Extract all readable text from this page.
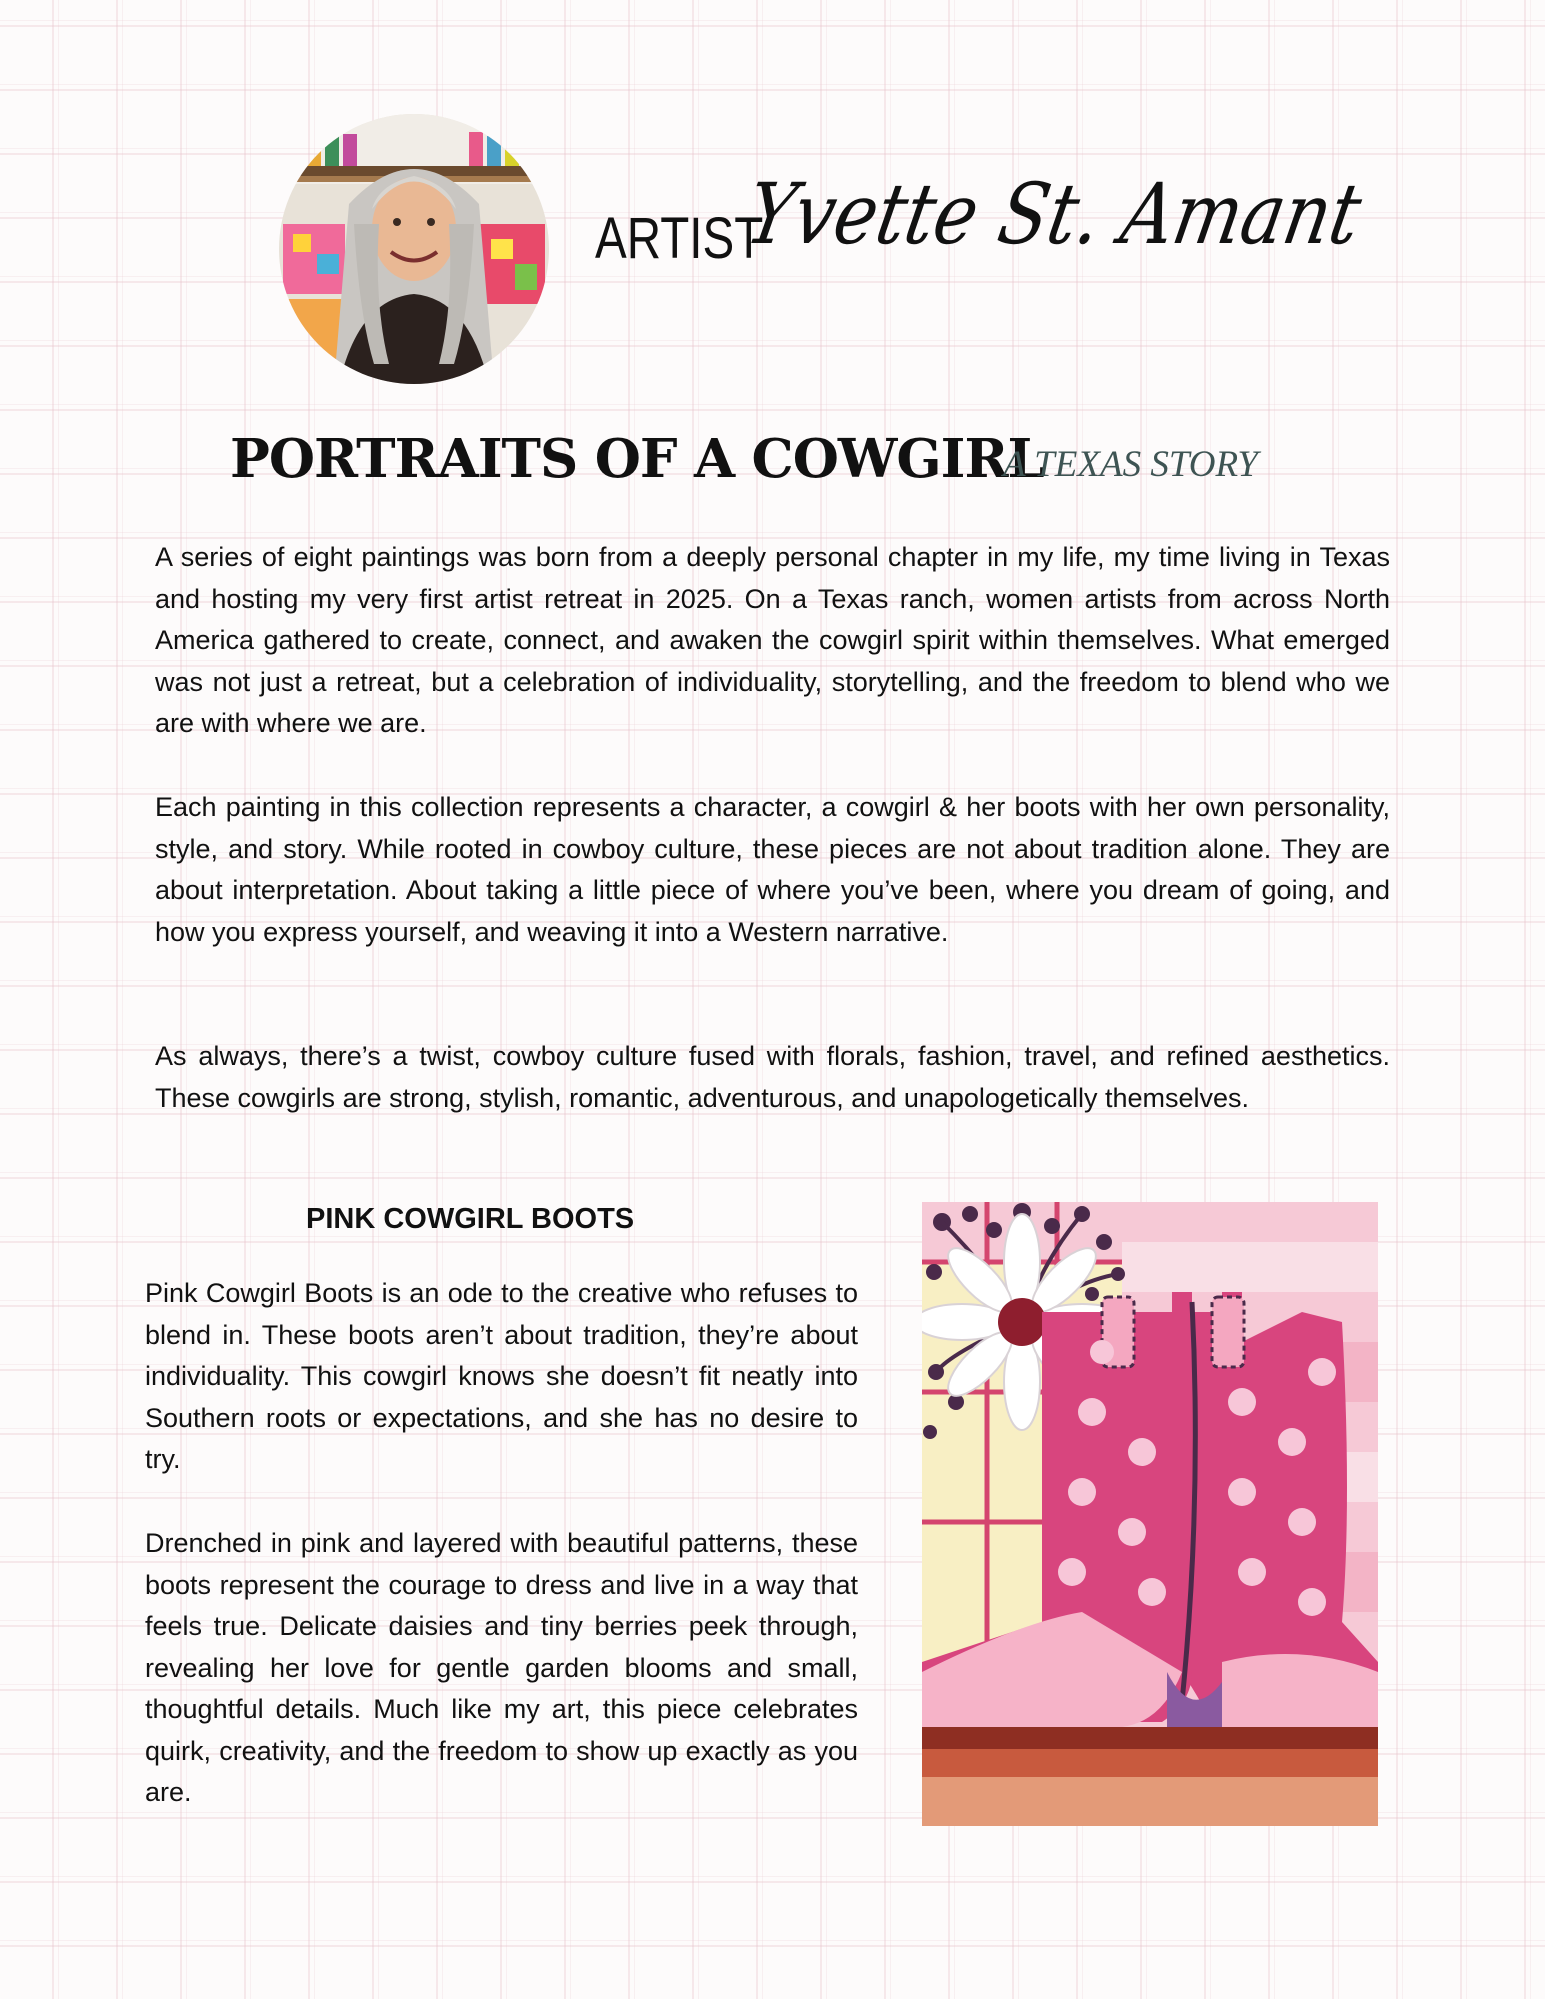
ARTIST
Yvette St. Amant
PORTRAITS OF A COWGIRL
A TEXAS STORY

A series of eight paintings was born from a deeply personal chapter in my life, my time living in Texas and hosting my very first artist retreat in 2025. On a Texas ranch, women artists from across North America gathered to create, connect, and awaken the cowgirl spirit within themselves. What emerged was not just a retreat, but a celebration of individuality, storytelling, and the freedom to blend who we are with where we are.

Each painting in this collection represents a character, a cowgirl & her boots with her own personality, style, and story. While rooted in cowboy culture, these pieces are not about tradition alone. They are about interpretation. About taking a little piece of where you’ve been, where you dream of going, and how you express yourself, and weaving it into a Western narrative.

As always, there’s a twist, cowboy culture fused with florals, fashion, travel, and refined aesthetics. These cowgirls are strong, stylish, romantic, adventurous, and unapologetically themselves.

PINK COWGIRL BOOTS

Pink Cowgirl Boots is an ode to the creative who refuses to blend in. These boots aren’t about tradition, they’re about individuality. This cowgirl knows she doesn’t fit neatly into Southern roots or expectations, and she has no desire to try.

Drenched in pink and layered with beautiful patterns, these boots represent the courage to dress and live in a way that feels true. Delicate daisies and tiny berries peek through, revealing her love for gentle garden blooms and small, thoughtful details. Much like my art, this piece celebrates quirk, creativity, and the freedom to show up exactly as you are.
